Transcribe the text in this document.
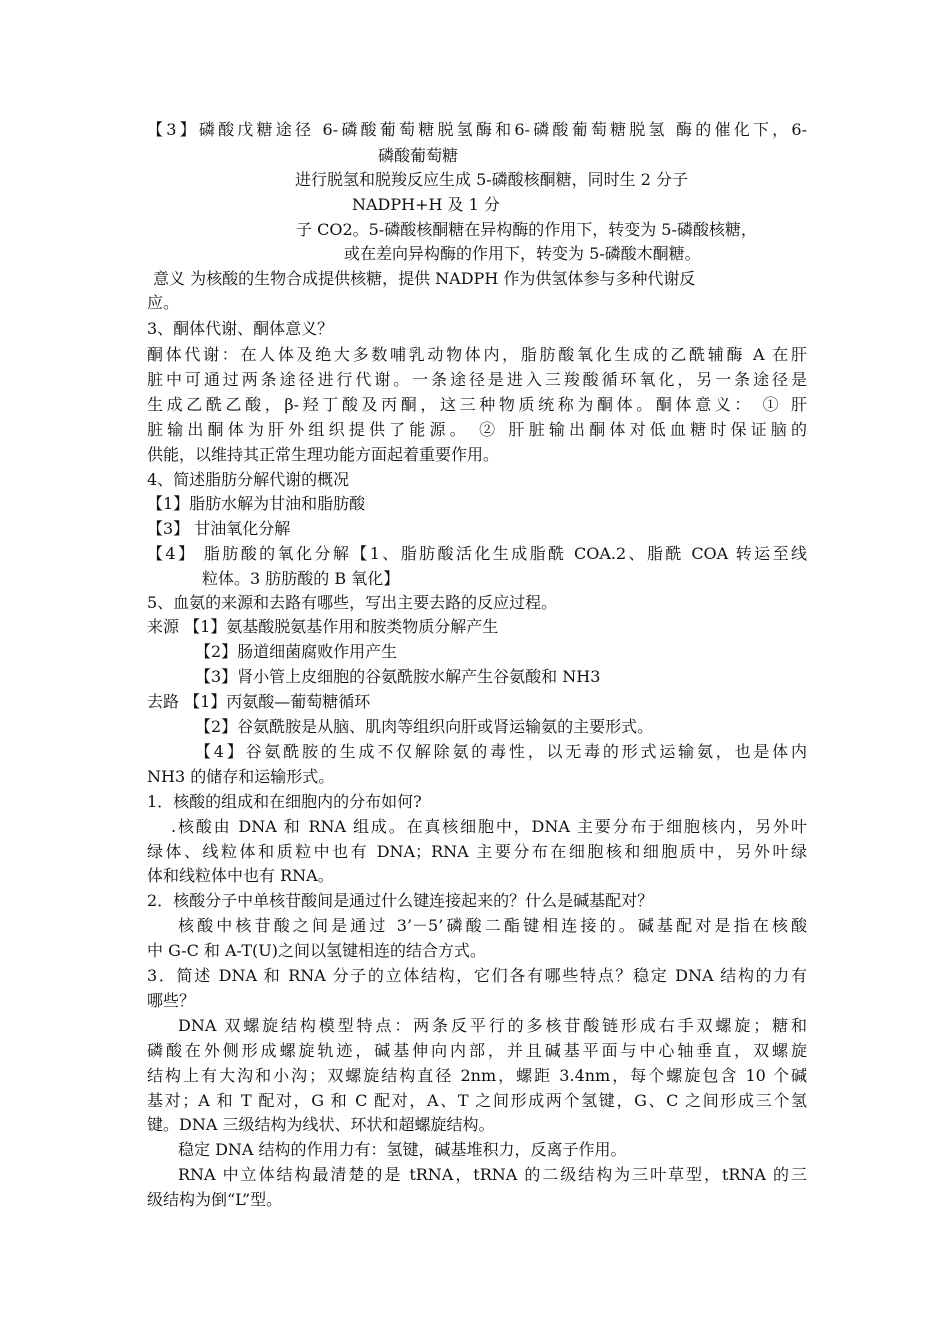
【3】磷酸戊糖途径 6-磷酸葡萄糖脱氢酶和6-磷酸葡萄糖脱氢 酶的催化下，6-
磷酸葡萄糖
进行脱氢和脱羧反应生成 5-磷酸核酮糖，同时生 2 分子
NADPH+H 及 1 分
子 CO2。5-磷酸核酮糖在异构酶的作用下，转变为 5-磷酸核糖，
或在差向异构酶的作用下，转变为 5-磷酸木酮糖。
意义 为核酸的生物合成提供核糖，提供 NADPH 作为供氢体参与多种代谢反
应。
3、酮体代谢、酮体意义？
酮体代谢：在人体及绝大多数哺乳动物体内，脂肪酸氧化生成的乙酰辅酶 A 在肝
脏中可通过两条途径进行代谢。一条途径是进入三羧酸循环氧化，另一条途径是
生成乙酰乙酸，β-羟丁酸及丙酮，这三种物质统称为酮体。酮体意义： ① 肝
脏输出酮体为肝外组织提供了能源。 ② 肝脏输出酮体对低血糖时保证脑的
供能，以维持其正常生理功能方面起着重要作用。
4、简述脂肪分解代谢的概况
【1】脂肪水解为甘油和脂肪酸
【3】 甘油氧化分解
【4】 脂肪酸的氧化分解【1、脂肪酸活化生成脂酰 COA.2、脂酰 COA 转运至线
粒体。3 肪肪酸的 B 氧化】
5、血氨的来源和去路有哪些，写出主要去路的反应过程。
来源 【1】氨基酸脱氨基作用和胺类物质分解产生
【2】肠道细菌腐败作用产生
【3】肾小管上皮细胞的谷氨酰胺水解产生谷氨酸和 NH3
去路 【1】丙氨酸—葡萄糖循环
【2】谷氨酰胺是从脑、肌肉等组织向肝或肾运输氨的主要形式。
【4】谷氨酰胺的生成不仅解除氨的毒性，以无毒的形式运输氨，也是体内
NH3 的储存和运输形式。
1．核酸的组成和在细胞内的分布如何?
.核酸由 DNA 和 RNA 组成。在真核细胞中，DNA 主要分布于细胞核内，另外叶
绿体、线粒体和质粒中也有 DNA；RNA 主要分布在细胞核和细胞质中，另外叶绿
体和线粒体中也有 RNA。
2．核酸分子中单核苷酸间是通过什么键连接起来的？什么是碱基配对？
核酸中核苷酸之间是通过 3’－5’磷酸二酯键相连接的。碱基配对是指在核酸
中 G-C 和 A-T(U)之间以氢键相连的结合方式。
3．简述 DNA 和 RNA 分子的立体结构，它们各有哪些特点？稳定 DNA 结构的力有
哪些？
DNA 双螺旋结构模型特点：两条反平行的多核苷酸链形成右手双螺旋；糖和
磷酸在外侧形成螺旋轨迹，碱基伸向内部，并且碱基平面与中心轴垂直，双螺旋
结构上有大沟和小沟；双螺旋结构直径 2nm，螺距 3.4nm，每个螺旋包含 10 个碱
基对；A 和 T 配对，G 和 C 配对，A、T 之间形成两个氢键，G、C 之间形成三个氢
键。DNA 三级结构为线状、环状和超螺旋结构。
稳定 DNA 结构的作用力有：氢键，碱基堆积力，反离子作用。
RNA 中立体结构最清楚的是 tRNA，tRNA 的二级结构为三叶草型，tRNA 的三
级结构为倒“L”型。
